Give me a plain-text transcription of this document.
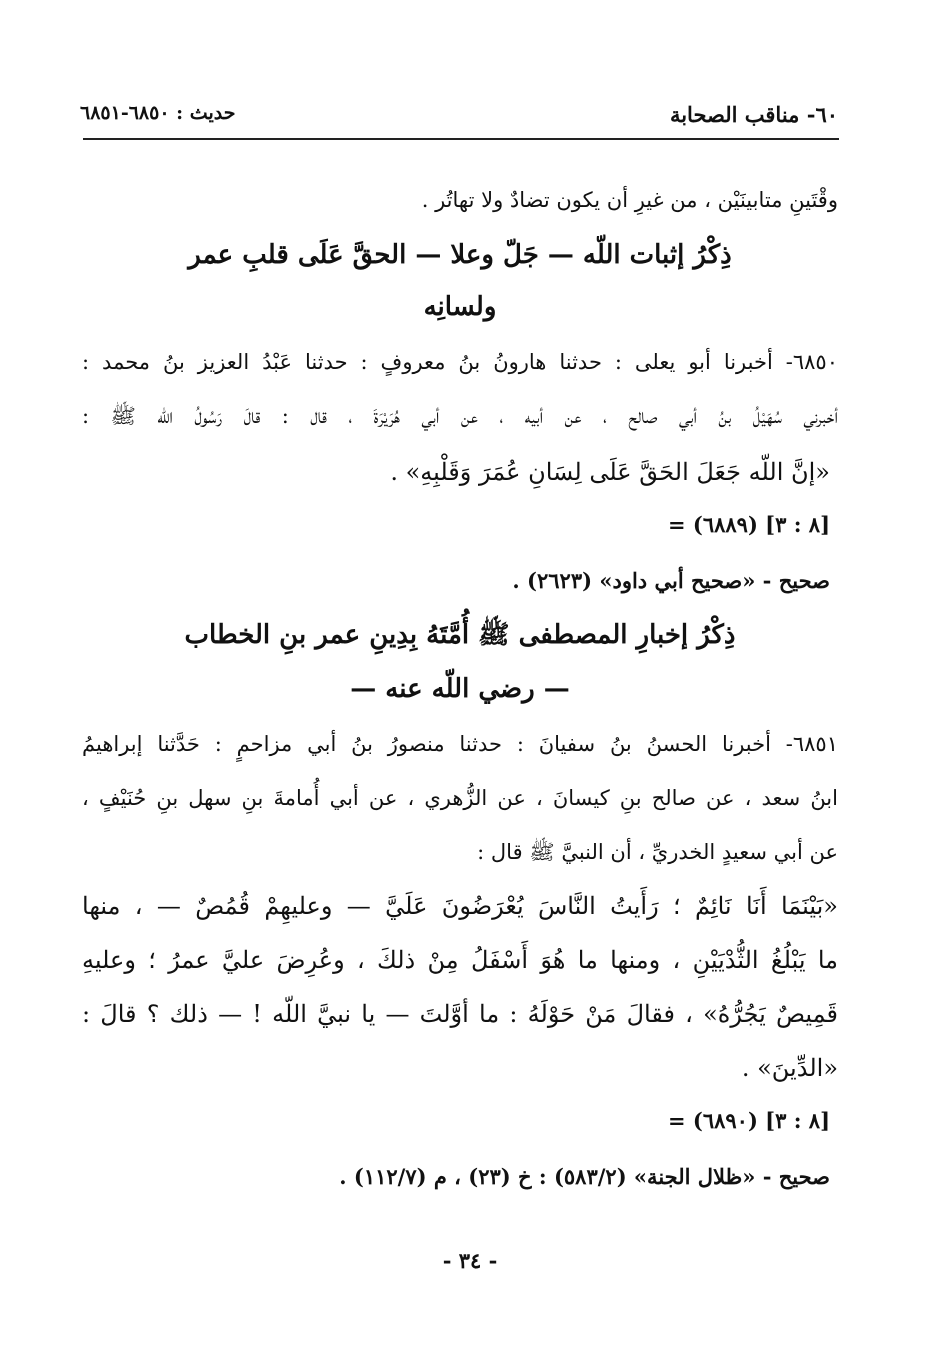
٦٠- مناقب الصحابة
حديث : ٦٨٥٠-٦٨٥١
وقْتَينِ متابينَيْن ، من غيرِ أن يكون تضادٌ ولا تهاتُر .
ذِكْرُ إثبات اللّه — جَلّ وعلا — الحقَّ عَلَى قلبِ عمر
ولسانِه
٦٨٥٠- أخبرنا أبو يعلى : حدثنا هارونُ بنُ معروفٍ : حدثنا عَبْدُ العزيز بنُ محمد :
أخبرني سُهَيْلُ بنُ أبي صالح ، عن أبيه ، عن أبي هُرَيْرَةَ ، قال : قالَ رَسُولُ اللّه ﷺ :
«إنَّ اللّه جَعَلَ الحَقَّ عَلَى لِسَانِ عُمَرَ وَقَلْبِهِ» .
= (٦٨٨٩) [٨ : ٣]
صحيح - «صحيح أبي داود» (٢٦٢٣) .
ذِكْرُ إخبارِ المصطفى ﷺ أُمَّتَهُ بِدِينِ عمر بنِ الخطاب
— رضي اللّه عنه —
٦٨٥١- أخبرنا الحسنُ بنُ سفيانَ : حدثنا منصورُ بنُ أبي مزاحمٍ : حَدَّثنا إبراهيمُ
ابنُ سعد ، عن صالح بنِ كيسانَ ، عن الزُّهري ، عن أبي أُمامةَ بنِ سهل بنِ حُنَيْفٍ ،
عن أبي سعيدٍ الخدريِّ ، أن النبيَّ ﷺ قال :
«بَيْنَمَا أَنَا نَائِمٌ ؛ رَأَيتُ النَّاسَ يُعْرَضُونَ عَلَيَّ — وعليهِمْ قُمُصٌ — ، منها
ما يَبْلُغُ الثُّدْيَيْنِ ، ومنها ما هُوَ أَسْفَلُ مِنْ ذلكَ ، وعُرِضَ عليَّ عمرُ ؛ وعليهِ
قَمِيصٌ يَجُرُّهُ» ، فقالَ مَنْ حَوْلَهُ : ما أوَّلتَ — يا نبيَّ اللّه ! — ذلك ؟ قالَ :
«الدِّينَ» .
= (٦٨٩٠) [٨ : ٣]
صحيح - «ظلال الجنة» (٥٨٣/٢) : خ (٢٣) ، م (١١٢/٧) .
- ٣٤ -
